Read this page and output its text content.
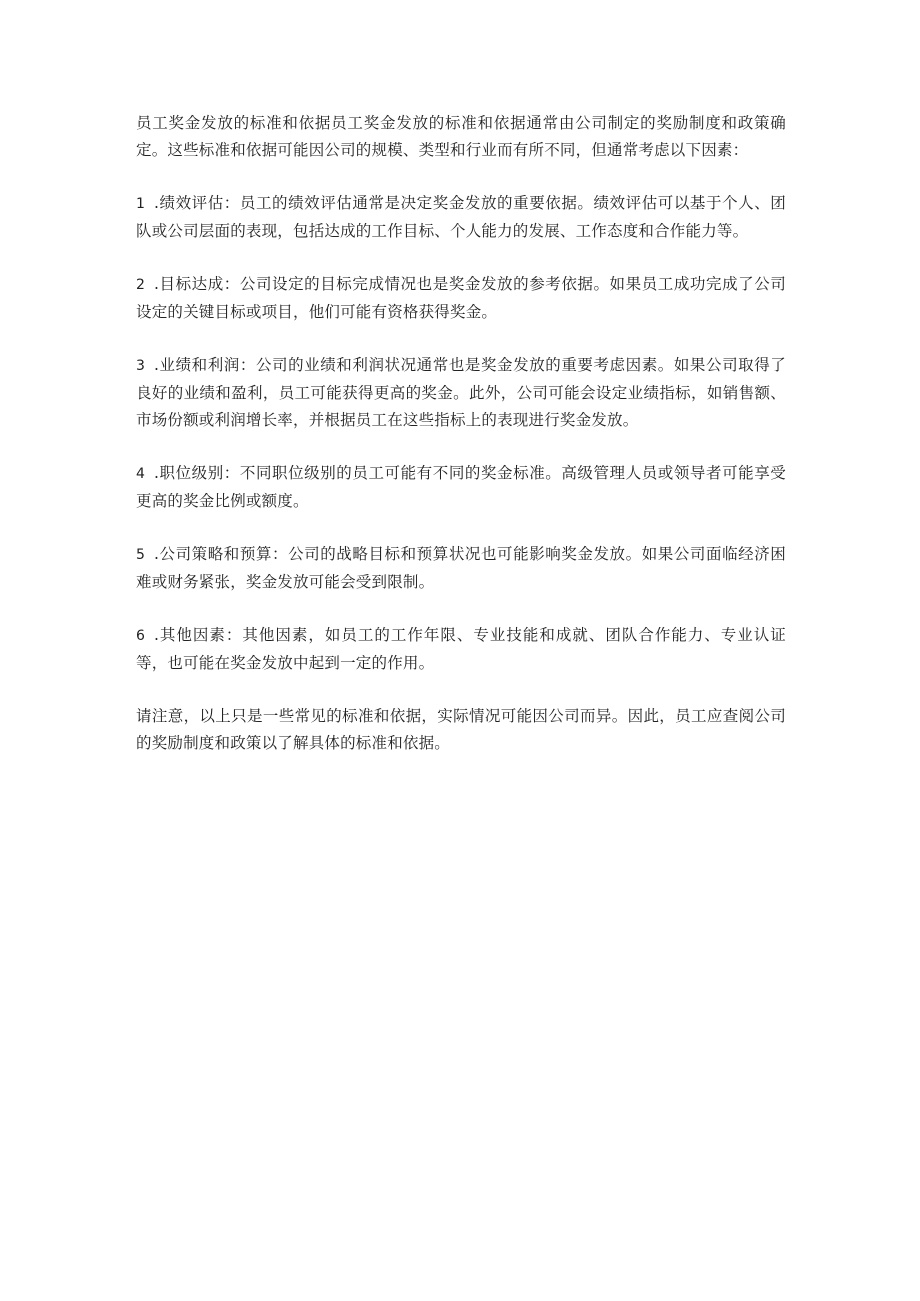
员工奖金发放的标准和依据员工奖金发放的标准和依据通常由公司制定的奖励制度和政策确定。这些标准和依据可能因公司的规模、类型和行业而有所不同，但通常考虑以下因素：

1 .绩效评估：员工的绩效评估通常是决定奖金发放的重要依据。绩效评估可以基于个人、团队或公司层面的表现，包括达成的工作目标、个人能力的发展、工作态度和合作能力等。

2 .目标达成：公司设定的目标完成情况也是奖金发放的参考依据。如果员工成功完成了公司设定的关键目标或项目，他们可能有资格获得奖金。

3 .业绩和利润：公司的业绩和利润状况通常也是奖金发放的重要考虑因素。如果公司取得了良好的业绩和盈利，员工可能获得更高的奖金。此外，公司可能会设定业绩指标，如销售额、市场份额或利润增长率，并根据员工在这些指标上的表现进行奖金发放。

4 .职位级别：不同职位级别的员工可能有不同的奖金标准。高级管理人员或领导者可能享受更高的奖金比例或额度。

5 .公司策略和预算：公司的战略目标和预算状况也可能影响奖金发放。如果公司面临经济困难或财务紧张，奖金发放可能会受到限制。

6 .其他因素：其他因素，如员工的工作年限、专业技能和成就、团队合作能力、专业认证等，也可能在奖金发放中起到一定的作用。

请注意，以上只是一些常见的标准和依据，实际情况可能因公司而异。因此，员工应查阅公司的奖励制度和政策以了解具体的标准和依据。
